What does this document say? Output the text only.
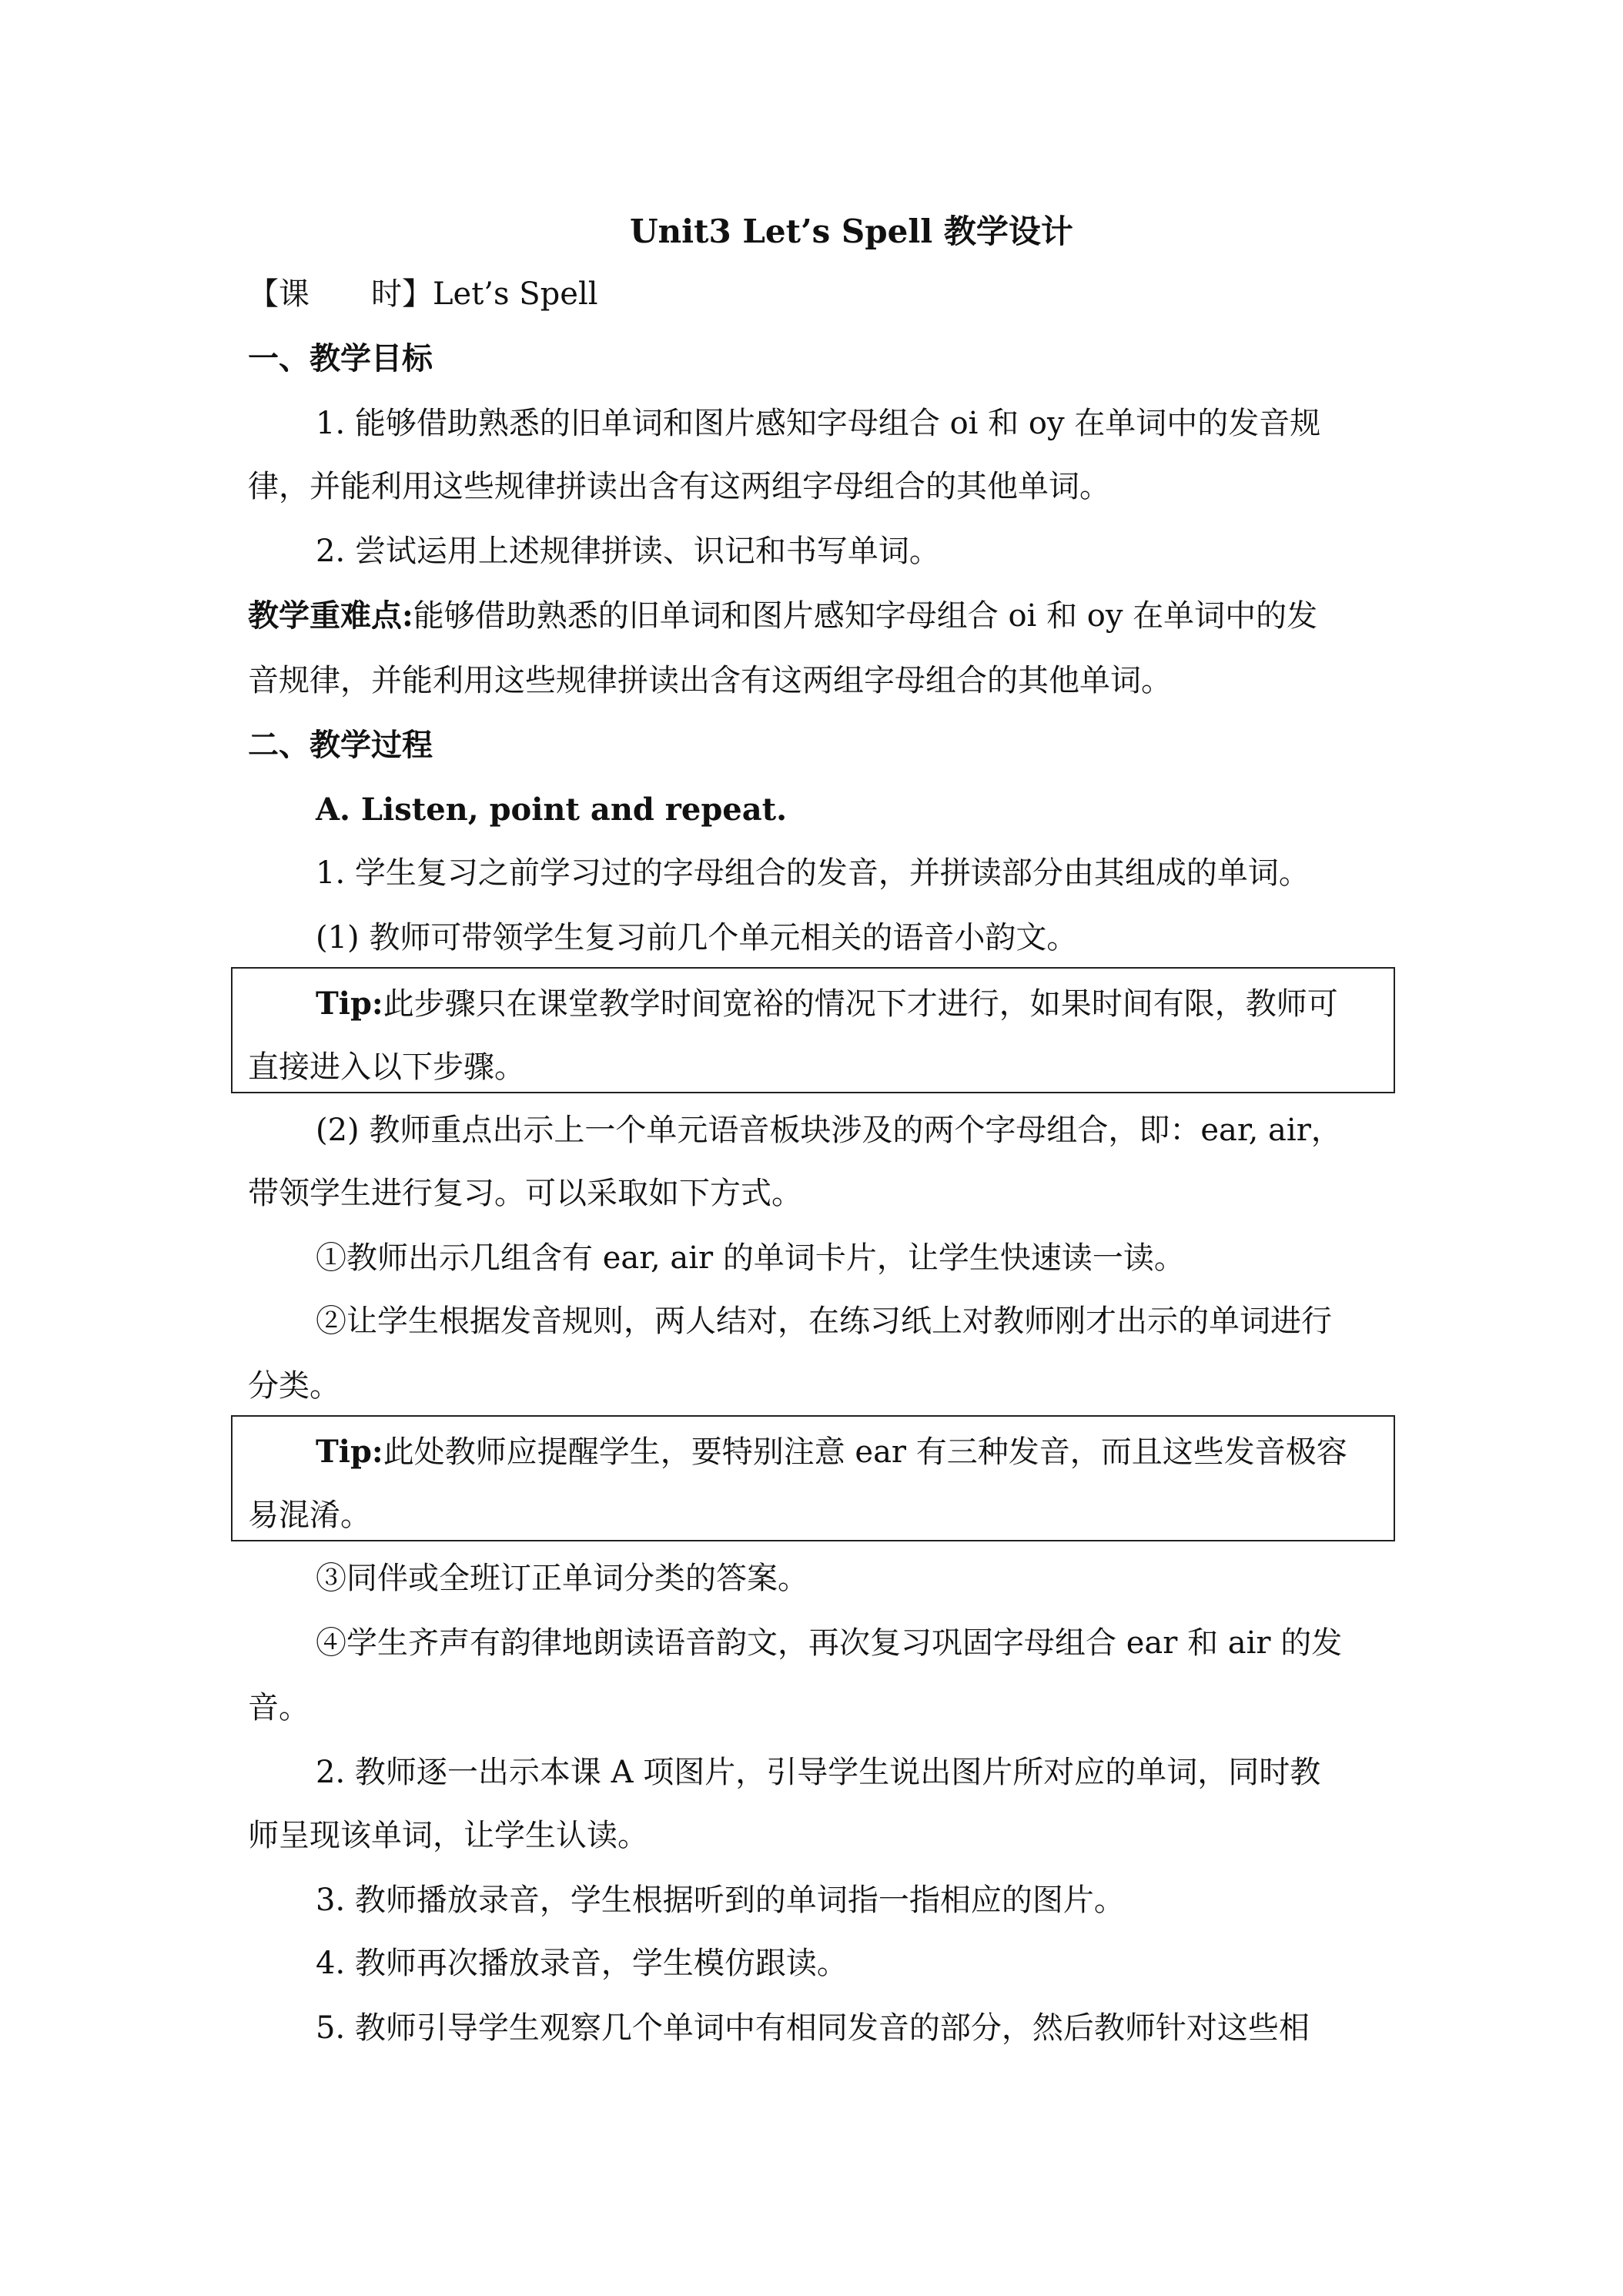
Unit3 Let’s Spell 教学设计
【课　　时】Let’s Spell
一、教学目标
1. 能够借助熟悉的旧单词和图片感知字母组合 oi 和 oy 在单词中的发音规
律，并能利用这些规律拼读出含有这两组字母组合的其他单词。
2. 尝试运用上述规律拼读、识记和书写单词。
教学重难点:能够借助熟悉的旧单词和图片感知字母组合 oi 和 oy 在单词中的发
音规律，并能利用这些规律拼读出含有这两组字母组合的其他单词。
二、教学过程
A. Listen, point and repeat.
1. 学生复习之前学习过的字母组合的发音，并拼读部分由其组成的单词。
(1) 教师可带领学生复习前几个单元相关的语音小韵文。
Tip:此步骤只在课堂教学时间宽裕的情况下才进行，如果时间有限，教师可
直接进入以下步骤。
(2) 教师重点出示上一个单元语音板块涉及的两个字母组合，即：ear, air，
带领学生进行复习。可以采取如下方式。
①教师出示几组含有 ear, air 的单词卡片，让学生快速读一读。
②让学生根据发音规则，两人结对，在练习纸上对教师刚才出示的单词进行
分类。
Tip:此处教师应提醒学生，要特别注意 ear 有三种发音，而且这些发音极容
易混淆。
③同伴或全班订正单词分类的答案。
④学生齐声有韵律地朗读语音韵文，再次复习巩固字母组合 ear 和 air 的发
音。
2. 教师逐一出示本课 A 项图片，引导学生说出图片所对应的单词，同时教
师呈现该单词，让学生认读。
3. 教师播放录音，学生根据听到的单词指一指相应的图片。
4. 教师再次播放录音，学生模仿跟读。
5. 教师引导学生观察几个单词中有相同发音的部分，然后教师针对这些相
